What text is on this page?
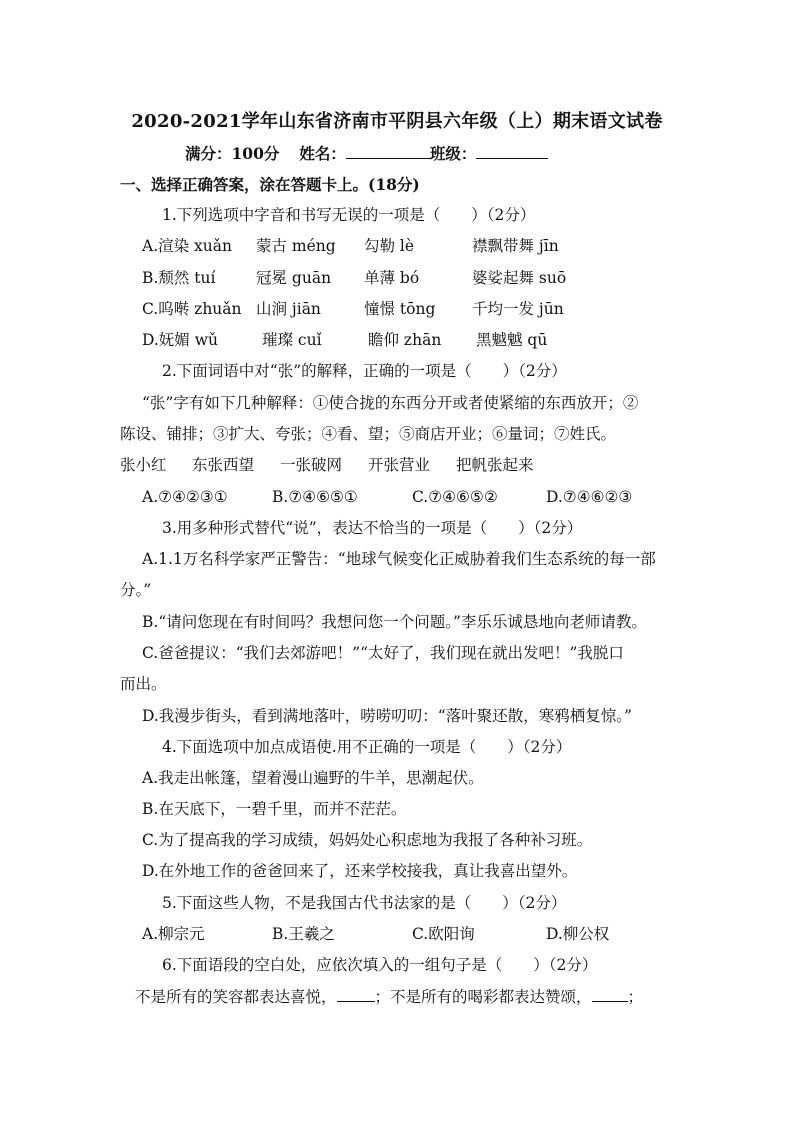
2020-2021学年山东省济南市平阴县六年级（上）期末语文试卷
满分：100分 姓名：	班级：
一、选择正确答案，涂在答题卡上。(18分)
1.下列选项中字音和书写无误的一项是（　　）（2分）
A.渲染 xuǎn 蒙古 méng 勾勒 lè	襟飘带舞 jīn
B.颓然 tuí	冠冕 guān 单薄 bó	婆娑起舞 suō
C.呜啭 zhuǎn 山涧 jiān	憧憬 tōng 千均一发 jūn
D.妩媚 wǔ	璀璨 cuǐ	瞻仰 zhān 黑魆魆 qū
2.下面词语中对“张”的解释，正确的一项是（　　）（2分）
“张”字有如下几种解释：①使合拢的东西分开或者使紧缩的东西放开；②
陈设、铺排；③扩大、夸张；④看、望；⑤商店开业；⑥量词；⑦姓氏。
张小红 东张西望 一张破网 开张营业 把帆张起来
A.⑦④②③①	B.⑦④⑥⑤①	C.⑦④⑥⑤②	D.⑦④⑥②③
3.用多种形式替代“说”，表达不恰当的一项是（　　）（2分）
A.1.1万名科学家严正警告：“地球气候变化正威胁着我们生态系统的每一部
分。”
B.“请问您现在有时间吗？我想问您一个问题。”李乐乐诚恳地向老师请教。
C.爸爸提议：“我们去郊游吧！”“太好了，我们现在就出发吧！”我脱口
而出。
D.我漫步街头，看到满地落叶，唠唠叨叨：“落叶聚还散，寒鸦栖复惊。”
4.下面选项中加点成语使.用不正确的一项是（　　）（2分）
A.我走出帐篷，望着漫山遍野的牛羊，思潮起伏。
B.在天底下，一碧千里，而并不茫茫。
C.为了提高我的学习成绩，妈妈处心积虑地为我报了各种补习班。
D.在外地工作的爸爸回来了，还来学校接我，真让我喜出望外。
5.下面这些人物，不是我国古代书法家的是（　　）（2分）
A.柳宗元	B.王羲之	C.欧阳询	D.柳公权
6.下面语段的空白处，应依次填入的一组句子是（　　）（2分）
不是所有的笑容都表达喜悦， ；不是所有的喝彩都表达赞颂， ；
